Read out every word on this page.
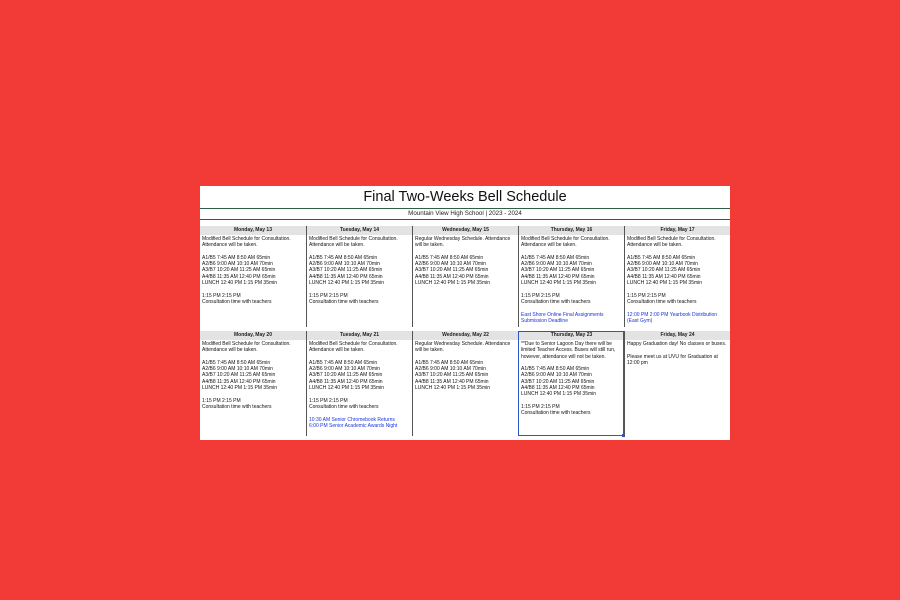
Final Two-Weeks Bell Schedule
Mountain View High School | 2023 - 2024
Monday, May 13
Modified Bell Schedule for Consultation. Attendance will be taken.
A1/B5 7:45 AM 8:50 AM 65min
A2/B6 9:00 AM 10:10 AM 70min
A3/B7 10:20 AM 11:25 AM 65min
A4/B8 11:35 AM 12:40 PM 65min
LUNCH 12:40 PM 1:15 PM 35min
1:15 PM 2:15 PM
Consultation time with teachers
Tuesday, May 14
Modified Bell Schedule for Consultation. Attendance will be taken.
A1/B5 7:45 AM 8:50 AM 65min
A2/B6 9:00 AM 10:10 AM 70min
A3/B7 10:20 AM 11:25 AM 65min
A4/B8 11:35 AM 12:40 PM 65min
LUNCH 12:40 PM 1:15 PM 35min
1:15 PM 2:15 PM
Consultation time with teachers
Wednesday, May 15
Regular Wednesday Schedule. Attendance will be taken.
A1/B5 7:45 AM 8:50 AM 65min
A2/B6 9:00 AM 10:10 AM 70min
A3/B7 10:20 AM 11:25 AM 65min
A4/B8 11:35 AM 12:40 PM 65min
LUNCH 12:40 PM 1:15 PM 35min
Thursday, May 16
Modified Bell Schedule for Consultation. Attendance will be taken.
A1/B5 7:45 AM 8:50 AM 65min
A2/B6 9:00 AM 10:10 AM 70min
A3/B7 10:20 AM 11:25 AM 65min
A4/B8 11:35 AM 12:40 PM 65min
LUNCH 12:40 PM 1:15 PM 35min
1:15 PM 2:15 PM
Consultation time with teachers
East Shore Online Final Assignments Submission Deadline
Friday, May 17
Modified Bell Schedule for Consultation. Attendance will be taken.
A1/B5 7:45 AM 8:50 AM 65min
A2/B6 9:00 AM 10:10 AM 70min
A3/B7 10:20 AM 11:25 AM 65min
A4/B8 11:35 AM 12:40 PM 65min
LUNCH 12:40 PM 1:15 PM 35min
1:15 PM 2:15 PM
Consultation time with teachers
12:00 PM 2:00 PM Yearbook Distribution (East Gym)
Monday, May 20
Modified Bell Schedule for Consultation. Attendance will be taken.
A1/B5 7:45 AM 8:50 AM 65min
A2/B6 9:00 AM 10:10 AM 70min
A3/B7 10:20 AM 11:25 AM 65min
A4/B8 11:35 AM 12:40 PM 65min
LUNCH 12:40 PM 1:15 PM 35min
1:15 PM 2:15 PM
Consultation time with teachers
Tuesday, May 21
Modified Bell Schedule for Consultation. Attendance will be taken.
A1/B5 7:45 AM 8:50 AM 65min
A2/B6 9:00 AM 10:10 AM 70min
A3/B7 10:20 AM 11:25 AM 65min
A4/B8 11:35 AM 12:40 PM 65min
LUNCH 12:40 PM 1:15 PM 35min
1:15 PM 2:15 PM
Consultation time with teachers
10:30 AM Senior Chromebook Returns
6:00 PM Senior Academic Awards Night
Wednesday, May 22
Regular Wednesday Schedule. Attendance will be taken.
A1/B5 7:45 AM 8:50 AM 65min
A2/B6 9:00 AM 10:10 AM 70min
A3/B7 10:20 AM 11:25 AM 65min
A4/B8 11:35 AM 12:40 PM 65min
LUNCH 12:40 PM 1:15 PM 35min
Thursday, May 23
**Due to Senior Lagoon Day there will be limited Teacher Access. Buses will still run, however, attendance will not be taken.
A1/B5 7:45 AM 8:50 AM 65min
A2/B6 9:00 AM 10:10 AM 70min
A3/B7 10:20 AM 11:25 AM 65min
A4/B8 11:35 AM 12:40 PM 65min
LUNCH 12:40 PM 1:15 PM 35min
1:15 PM 2:15 PM
Consultation time with teachers
Friday, May 24
Happy Graduation day! No classes or buses.
Please meet us at UVU for Graduation at 12:00 pm
